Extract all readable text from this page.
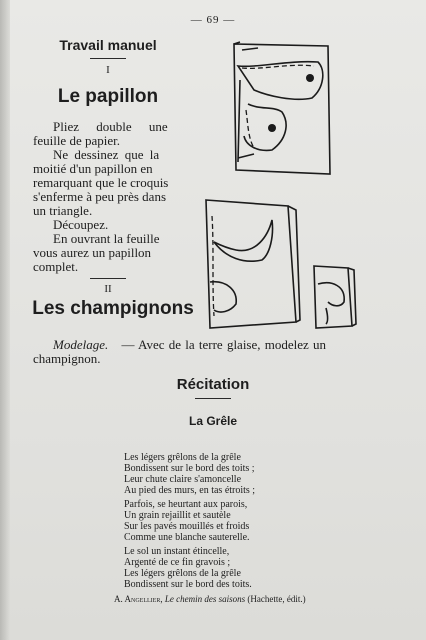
— 69 —
Travail manuel
I
Le papillon
Pliez double une
feuille de papier.
Ne dessinez que la
moitié d'un papillon en
remarquant que le croquis
s'enferme à peu près dans
un triangle.
Découpez.
En ouvrant la feuille
vous aurez un papillon
complet.
II
Les champignons
Modelage. — Avec de la terre glaise, modelez un
champignon.
Récitation
La Grêle
Les légers grêlons de la grêle
Bondissent sur le bord des toits ;
Leur chute claire s'amoncelle
Au pied des murs, en tas étroits ;
Parfois, se heurtant aux parois,
Un grain rejaillit et sautèle
Sur les pavés mouillés et froids
Comme une blanche sauterelle.
Le sol un instant étincelle,
Argenté de ce fin gravois ;
Les légers grêlons de la grêle
Bondissent sur le bord des toits.
A. Angellier, Le chemin des saisons (Hachette, édit.)
